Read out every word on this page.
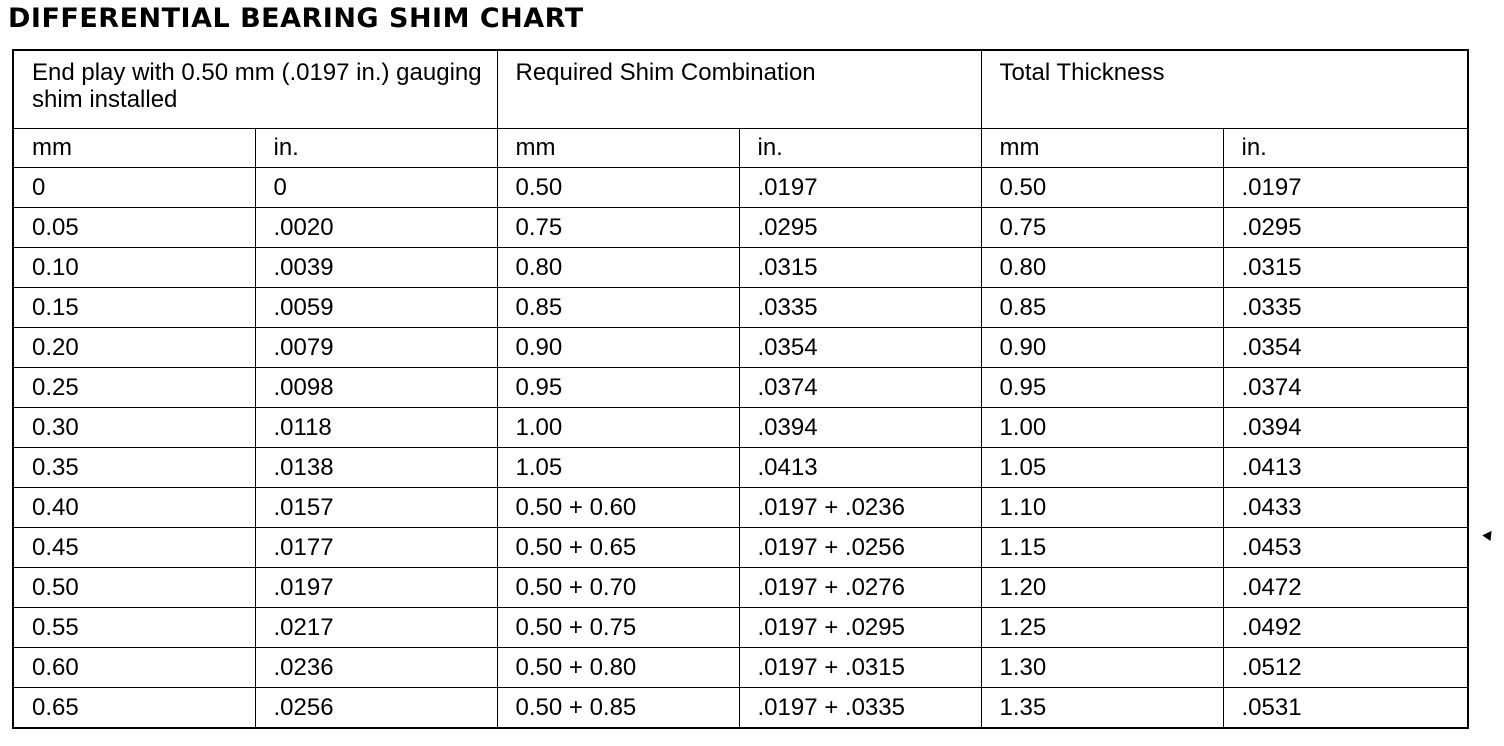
DIFFERENTIAL BEARING SHIM CHART
End play with 0.50 mm (.0197 in.) gauging shim installed		Required Shim Combination		Total Thickness	
mm	in.	mm	in.	mm	in.
0	0	0.50	.0197	0.50	.0197
0.05	.0020	0.75	.0295	0.75	.0295
0.10	.0039	0.80	.0315	0.80	.0315
0.15	.0059	0.85	.0335	0.85	.0335
0.20	.0079	0.90	.0354	0.90	.0354
0.25	.0098	0.95	.0374	0.95	.0374
0.30	.0118	1.00	.0394	1.00	.0394
0.35	.0138	1.05	.0413	1.05	.0413
0.40	.0157	0.50 + 0.60	.0197 + .0236	1.10	.0433
0.45	.0177	0.50 + 0.65	.0197 + .0256	1.15	.0453
0.50	.0197	0.50 + 0.70	.0197 + .0276	1.20	.0472
0.55	.0217	0.50 + 0.75	.0197 + .0295	1.25	.0492
0.60	.0236	0.50 + 0.80	.0197 + .0315	1.30	.0512
0.65	.0256	0.50 + 0.85	.0197 + .0335	1.35	.0531
